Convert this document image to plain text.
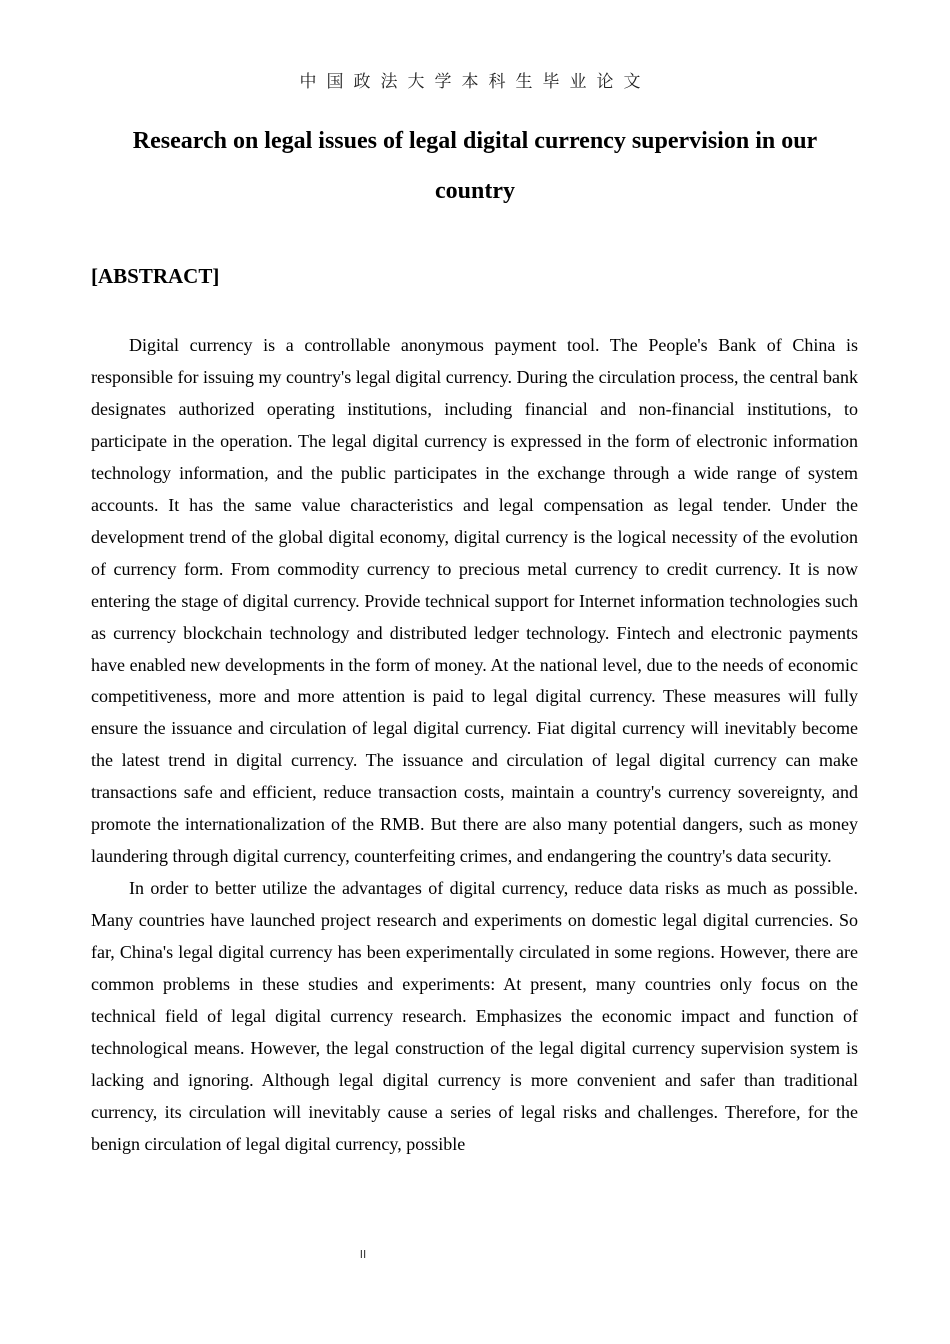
中国政法大学本科生毕业论文
Research on legal issues of legal digital currency supervision in our country
[ABSTRACT]

Digital currency is a controllable anonymous payment tool. The People's Bank of China is responsible for issuing my country's legal digital currency. During the circulation process, the central bank designates authorized operating institutions, including financial and non-financial institutions, to participate in the operation. The legal digital currency is expressed in the form of electronic information technology information, and the public participates in the exchange through a wide range of system accounts. It has the same value characteristics and legal compensation as legal tender. Under the development trend of the global digital economy, digital currency is the logical necessity of the evolution of currency form. From commodity currency to precious metal currency to credit currency. It is now entering the stage of digital currency. Provide technical support for Internet information technologies such as currency blockchain technology and distributed ledger technology. Fintech and electronic payments have enabled new developments in the form of money. At the national level, due to the needs of economic competitiveness, more and more attention is paid to legal digital currency. These measures will fully ensure the issuance and circulation of legal digital currency. Fiat digital currency will inevitably become the latest trend in digital currency. The issuance and circulation of legal digital currency can make transactions safe and efficient, reduce transaction costs, maintain a country's currency sovereignty, and promote the internationalization of the RMB. But there are also many potential dangers, such as money laundering through digital currency, counterfeiting crimes, and endangering the country's data security.

In order to better utilize the advantages of digital currency, reduce data risks as much as possible. Many countries have launched project research and experiments on domestic legal digital currencies. So far, China's legal digital currency has been experimentally circulated in some regions. However, there are common problems in these studies and experiments: At present, many countries only focus on the technical field of legal digital currency research. Emphasizes the economic impact and function of technological means. However, the legal construction of the legal digital currency supervision system is lacking and ignoring. Although legal digital currency is more convenient and safer than traditional currency, its circulation will inevitably cause a series of legal risks and challenges. Therefore, for the benign circulation of legal digital currency, possible

II
